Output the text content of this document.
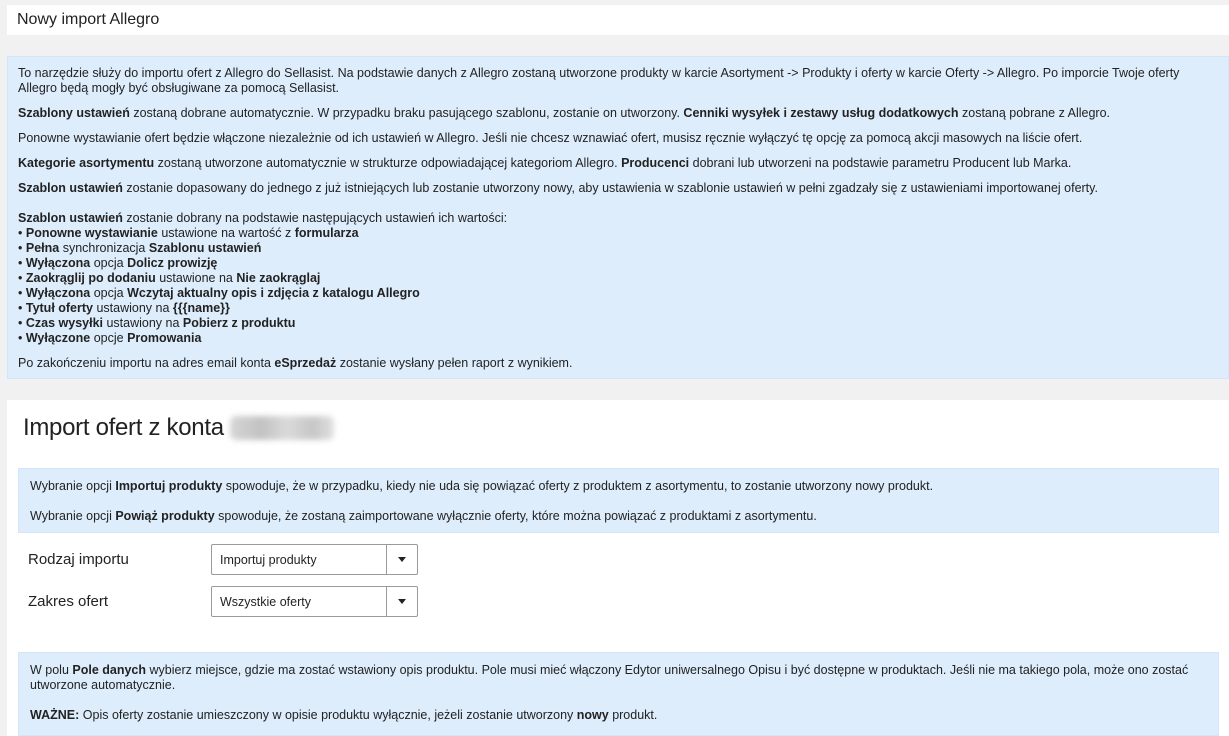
Nowy import Allegro

To narzędzie służy do importu ofert z Allegro do Sellasist. Na podstawie danych z Allegro zostaną utworzone produkty w karcie Asortyment -> Produkty i oferty w karcie Oferty -> Allegro. Po imporcie Twoje oferty Allegro będą mogły być obsługiwane za pomocą Sellasist.

Szablony ustawień zostaną dobrane automatycznie. W przypadku braku pasującego szablonu, zostanie on utworzony. Cenniki wysyłek i zestawy usług dodatkowych zostaną pobrane z Allegro.

Ponowne wystawianie ofert będzie włączone niezależnie od ich ustawień w Allegro. Jeśli nie chcesz wznawiać ofert, musisz ręcznie wyłączyć tę opcję za pomocą akcji masowych na liście ofert.

Kategorie asortymentu zostaną utworzone automatycznie w strukturze odpowiadającej kategoriom Allegro. Producenci dobrani lub utworzeni na podstawie parametru Producent lub Marka.

Szablon ustawień zostanie dopasowany do jednego z już istniejących lub zostanie utworzony nowy, aby ustawienia w szablonie ustawień w pełni zgadzały się z ustawieniami importowanej oferty.

Szablon ustawień zostanie dobrany na podstawie następujących ustawień ich wartości:
• Ponowne wystawianie ustawione na wartość z formularza
• Pełna synchronizacja Szablonu ustawień
• Wyłączona opcja Dolicz prowizję
• Zaokrąglij po dodaniu ustawione na Nie zaokrąglaj
• Wyłączona opcja Wczytaj aktualny opis i zdjęcia z katalogu Allegro
• Tytuł oferty ustawiony na {{{name}}
• Czas wysyłki ustawiony na Pobierz z produktu
• Wyłączone opcje Promowania

Po zakończeniu importu na adres email konta eSprzedaż zostanie wysłany pełen raport z wynikiem.

Import ofert z konta

Wybranie opcji Importuj produkty spowoduje, że w przypadku, kiedy nie uda się powiązać oferty z produktem z asortymentu, to zostanie utworzony nowy produkt.

Wybranie opcji Powiąż produkty spowoduje, że zostaną zaimportowane wyłącznie oferty, które można powiązać z produktami z asortymentu.

Rodzaj importu	Importuj produkty
Zakres ofert	Wszystkie oferty

W polu Pole danych wybierz miejsce, gdzie ma zostać wstawiony opis produktu. Pole musi mieć włączony Edytor uniwersalnego Opisu i być dostępne w produktach. Jeśli nie ma takiego pola, może ono zostać utworzone automatycznie.

WAŻNE: Opis oferty zostanie umieszczony w opisie produktu wyłącznie, jeżeli zostanie utworzony nowy produkt.
